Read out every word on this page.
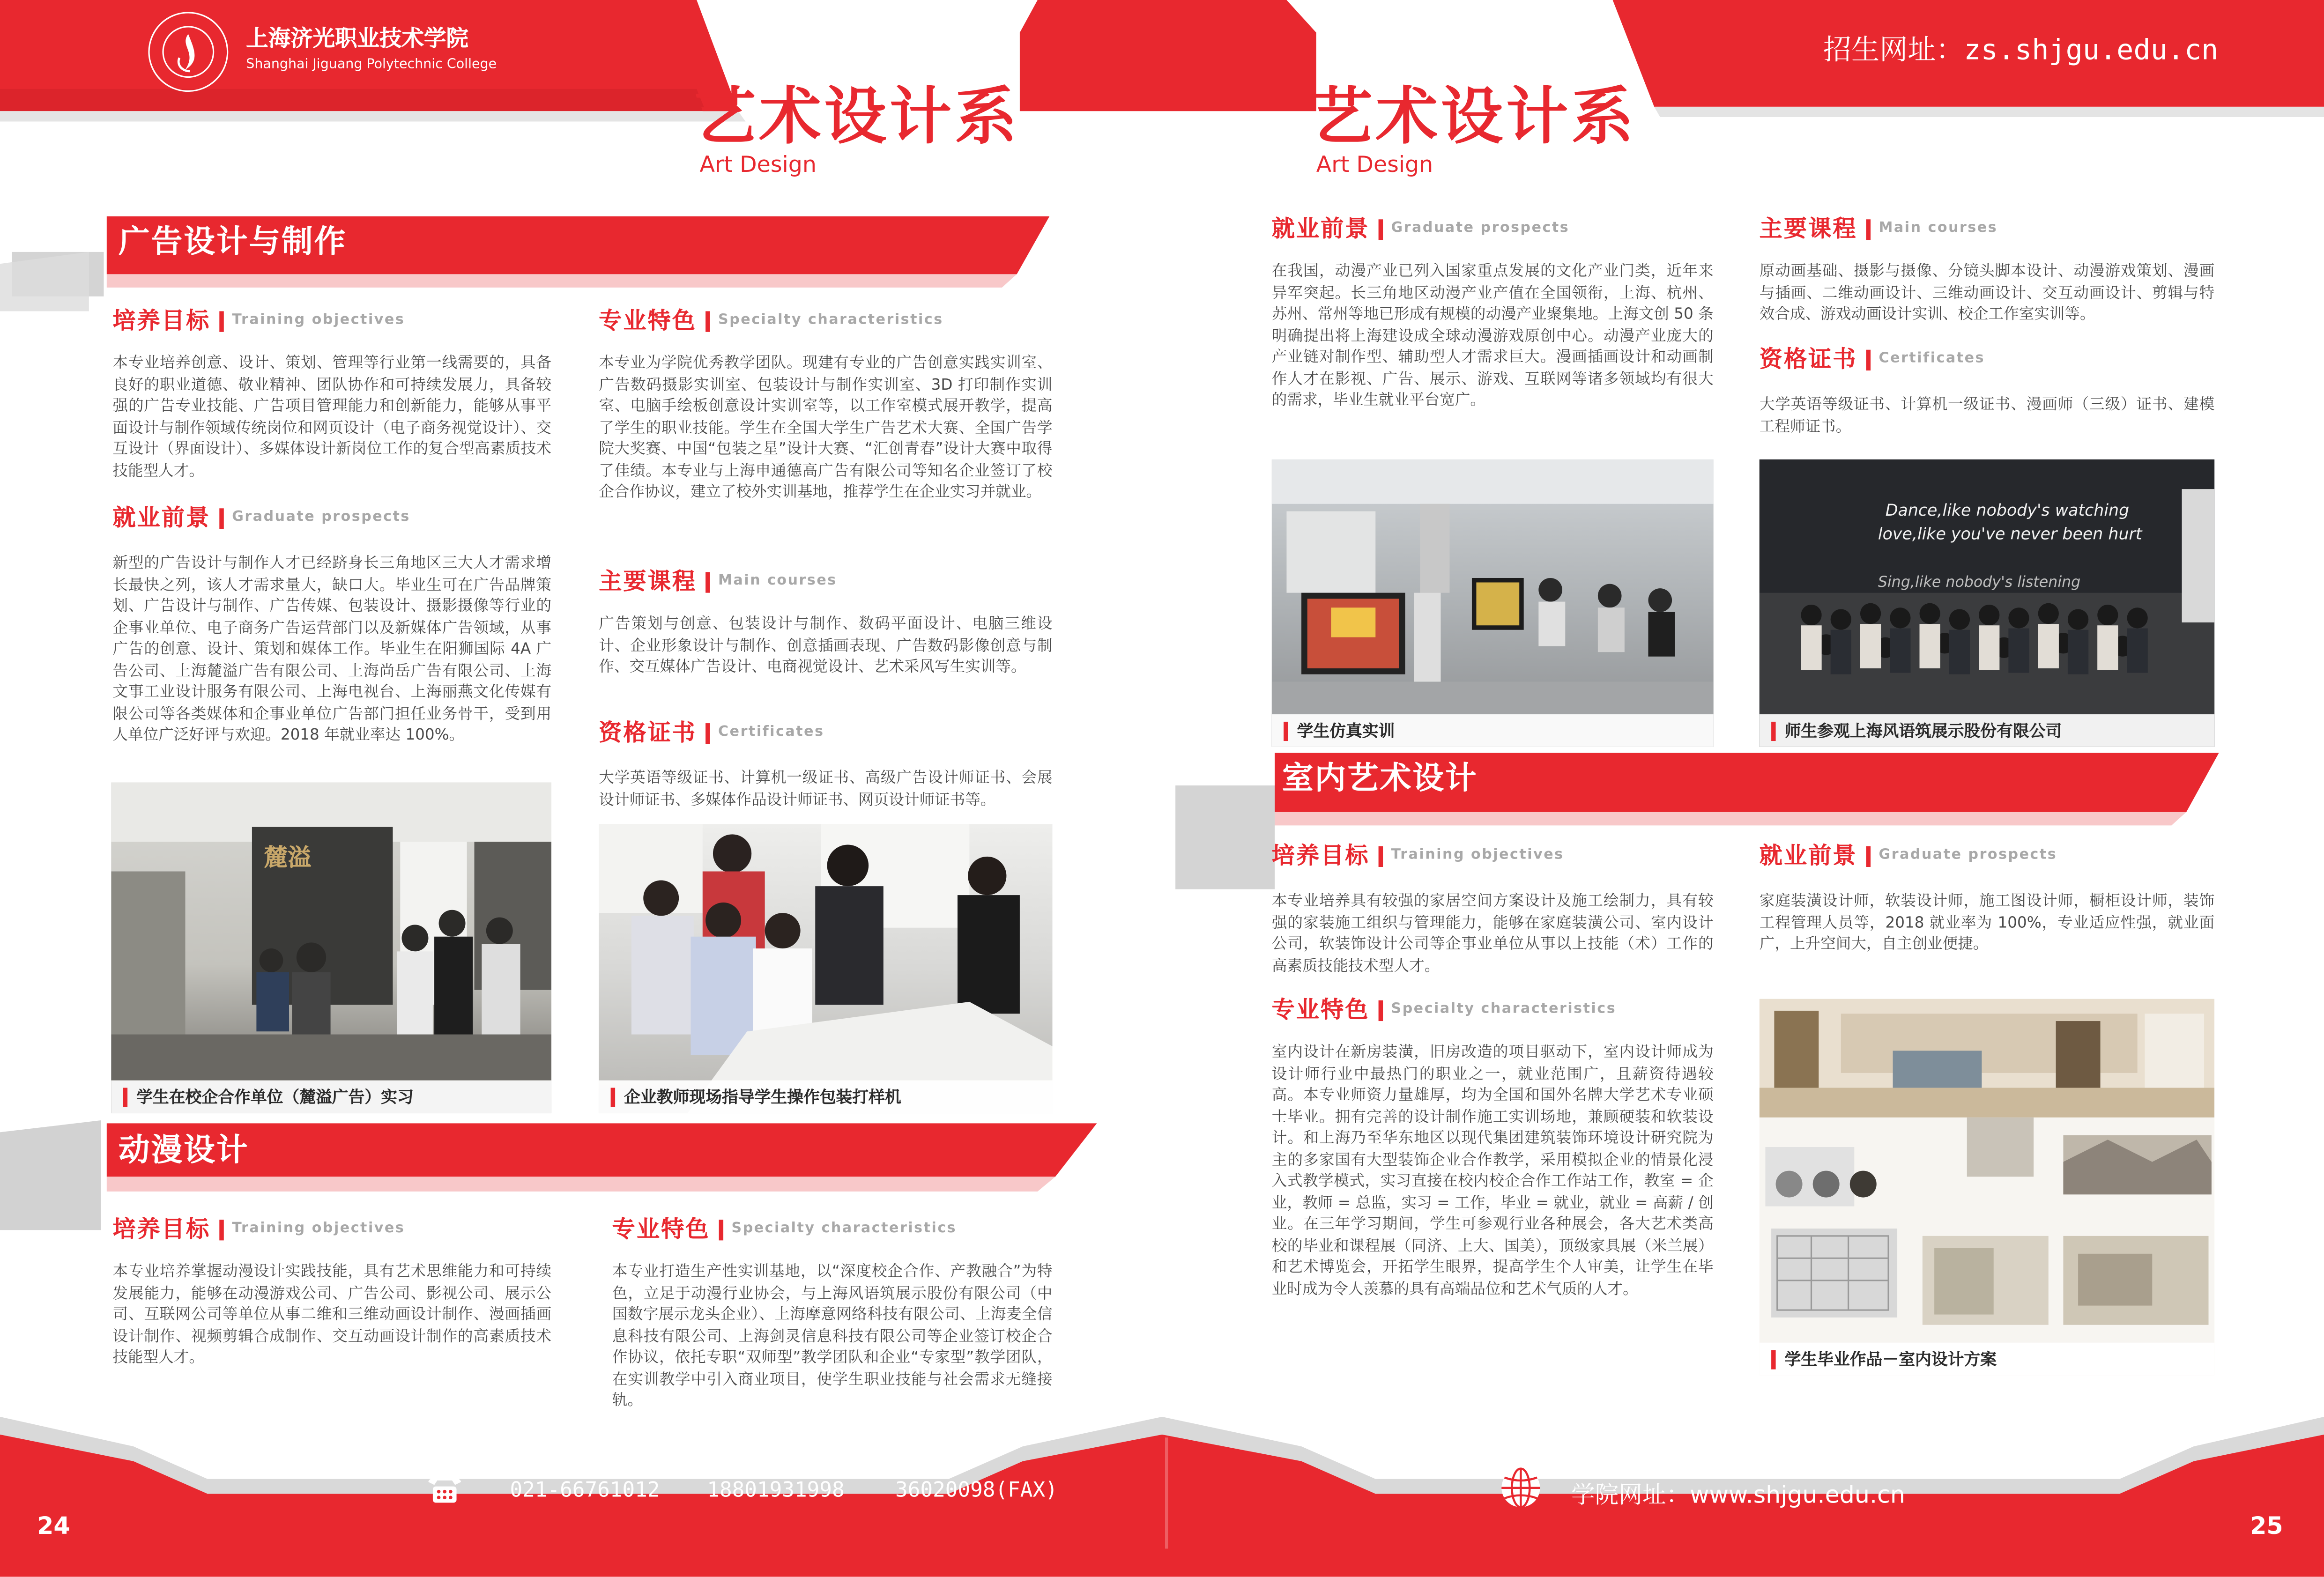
上海济光职业技术学院
Shanghai Jiguang Polytechnic College	招生网址：zs.shjgu.edu.cn
艺术设计系
Art Design
艺术设计系
Art Design
广告设计与制作
培养目标	Training objectives
本专业培养创意、设计、策划、管理等行业第一线需要的，具备良好的职业道德、敬业精神、团队协作和可持续发展力，具备较强的广告专业技能、广告项目管理能力和创新能力，能够从事平面设计与制作领域传统岗位和网页设计（电子商务视觉设计）、交互设计（界面设计）、多媒体设计新岗位工作的复合型高素质技术技能型人才。
就业前景	Graduate prospects
新型的广告设计与制作人才已经跻身长三角地区三大人才需求增长最快之列，该人才需求量大，缺口大。毕业生可在广告品牌策划、广告设计与制作、广告传媒、包装设计、摄影摄像等行业的企事业单位、电子商务广告运营部门以及新媒体广告领域，从事广告的创意、设计、策划和媒体工作。毕业生在阳狮国际 4A 广告公司、上海麓溢广告有限公司、上海尚岳广告有限公司、上海文事工业设计服务有限公司、上海电视台、上海丽燕文化传媒有限公司等各类媒体和企事业单位广告部门担任业务骨干，受到用人单位广泛好评与欢迎。2018 年就业率达 100%。
专业特色	Specialty characteristics
本专业为学院优秀教学团队。现建有专业的广告创意实践实训室、广告数码摄影实训室、包装设计与制作实训室、3D 打印制作实训室、电脑手绘板创意设计实训室等，以工作室模式展开教学，提高了学生的职业技能。学生在全国大学生广告艺术大赛、全国广告学院大奖赛、中国“包装之星”设计大赛、“汇创青春”设计大赛中取得了佳绩。本专业与上海申通德高广告有限公司等知名企业签订了校企合作协议，建立了校外实训基地，推荐学生在企业实习并就业。
主要课程	Main courses
广告策划与创意、包装设计与制作、数码平面设计、电脑三维设计、企业形象设计与制作、创意插画表现、广告数码影像创意与制作、交互媒体广告设计、电商视觉设计、艺术采风写生实训等。
资格证书	Certificates
大学英语等级证书、计算机一级证书、高级广告设计师证书、会展设计师证书、多媒体作品设计师证书、网页设计师证书等。
麓溢
学生在校企合作单位（麓溢广告）实习	企业教师现场指导学生操作包装打样机
动漫设计
培养目标	Training objectives
本专业培养掌握动漫设计实践技能，具有艺术思维能力和可持续发展能力，能够在动漫游戏公司、广告公司、影视公司、展示公司、互联网公司等单位从事二维和三维动画设计制作、漫画插画设计制作、视频剪辑合成制作、交互动画设计制作的高素质技术技能型人才。
专业特色	Specialty characteristics
本专业打造生产性实训基地，以“深度校企合作、产教融合”为特色，立足于动漫行业协会，与上海风语筑展示股份有限公司（中国数字展示龙头企业）、上海摩意网络科技有限公司、上海麦全信息科技有限公司、上海剑灵信息科技有限公司等企业签订校企合作协议，依托专职“双师型”教学团队和企业“专家型”教学团队，在实训教学中引入商业项目，使学生职业技能与社会需求无缝接轨。
就业前景	Graduate prospects
在我国，动漫产业已列入国家重点发展的文化产业门类，近年来异军突起。长三角地区动漫产业产值在全国领衔，上海、杭州、苏州、常州等地已形成有规模的动漫产业聚集地。上海文创 50 条明确提出将上海建设成全球动漫游戏原创中心。动漫产业庞大的产业链对制作型、辅助型人才需求巨大。漫画插画设计和动画制作人才在影视、广告、展示、游戏、互联网等诸多领域均有很大的需求，毕业生就业平台宽广。
主要课程	Main courses
原动画基础、摄影与摄像、分镜头脚本设计、动漫游戏策划、漫画与插画、二维动画设计、三维动画设计、交互动画设计、剪辑与特效合成、游戏动画设计实训、校企工作室实训等。
资格证书	Certificates
大学英语等级证书、计算机一级证书、漫画师（三级）证书、建模工程师证书。
学生仿真实训
Dance,like nobody's watching
love,like you've never been hurt
Sing,like nobody's listening
师生参观上海风语筑展示股份有限公司
室内艺术设计
培养目标	Training objectives
本专业培养具有较强的家居空间方案设计及施工绘制力，具有较强的家装施工组织与管理能力，能够在家庭装潢公司、室内设计公司，软装饰设计公司等企事业单位从事以上技能（术）工作的高素质技能技术型人才。
专业特色	Specialty characteristics
室内设计在新房装潢，旧房改造的项目驱动下，室内设计师成为设计师行业中最热门的职业之一，就业范围广，且薪资待遇较高。本专业师资力量雄厚，均为全国和国外名牌大学艺术专业硕士毕业。拥有完善的设计制作施工实训场地，兼顾硬装和软装设计。和上海乃至华东地区以现代集团建筑装饰环境设计研究院为主的多家国有大型装饰企业合作教学，采用模拟企业的情景化浸入式教学模式，实习直接在校内校企合作工作站工作，教室 = 企业，教师 = 总监，实习 = 工作，毕业 = 就业，就业 = 高薪 / 创业。在三年学习期间，学生可参观行业各种展会，各大艺术类高校的毕业和课程展（同济、上大、国美），顶级家具展（米兰展）和艺术博览会，开拓学生眼界，提高学生个人审美，让学生在毕业时成为令人羡慕的具有高端品位和艺术气质的人才。
就业前景	Graduate prospects
家庭装潢设计师，软装设计师，施工图设计师，橱柜设计师，装饰工程管理人员等，2018 就业率为 100%，专业适应性强，就业面广，上升空间大，自主创业便捷。
学生毕业作品－室内设计方案
021-66761012	18801931998	36020098(FAX)	学院网址：www.shjgu.edu.cn
24	25
